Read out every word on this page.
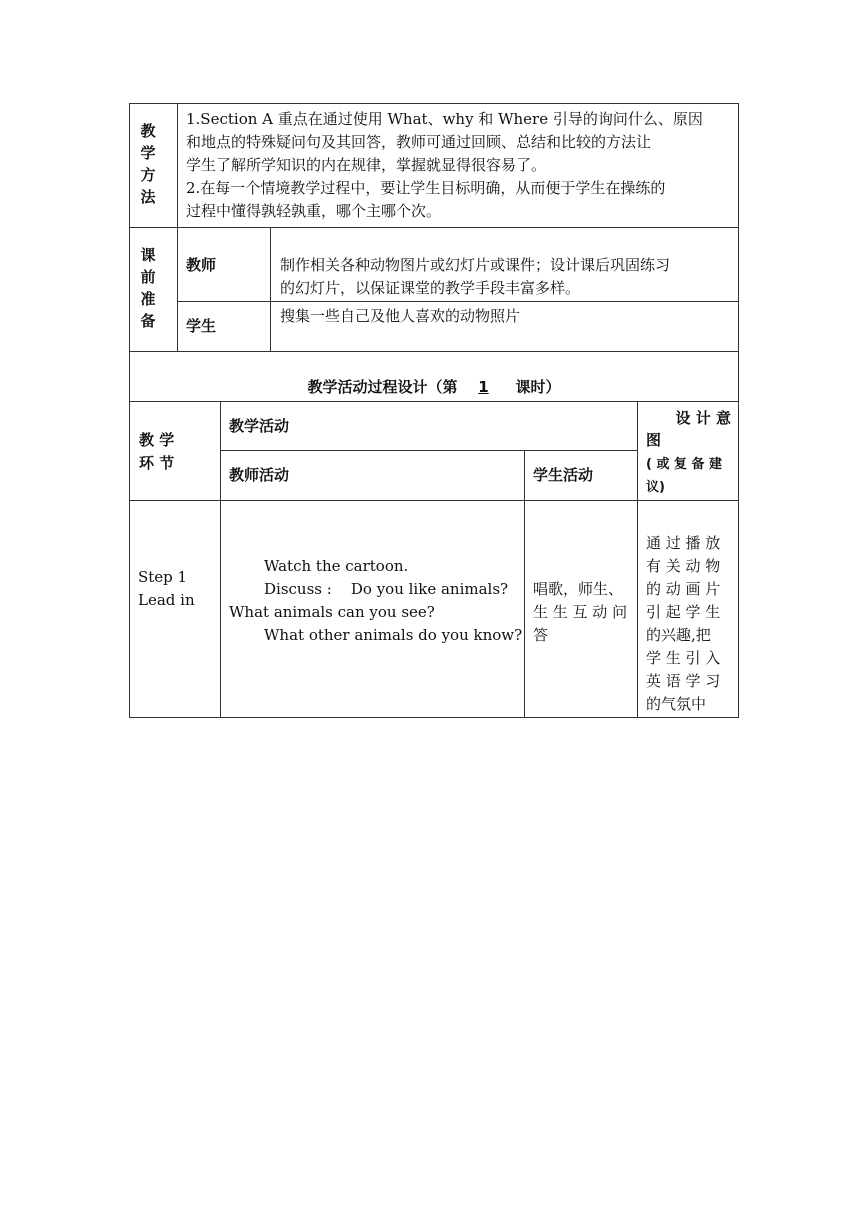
教
学
方
法
1.Section A 重点在通过使用 What、why 和 Where 引导的询问什么、原因
和地点的特殊疑问句及其回答，教师可通过回顾、总结和比较的方法让
学生了解所学知识的内在规律，掌握就显得很容易了。
2.在每一个情境教学过程中，要让学生目标明确，从而便于学生在操练的
过程中懂得孰轻孰重，哪个主哪个次。
课
前
准
备
教师	制作相关各种动物图片或幻灯片或课件；设计课后巩固练习
的幻灯片，以保证课堂的教学手段丰富多样。
学生
搜集一些自己及他人喜欢的动物照片
教学活动过程设计（第 1 课时）
教 学
环 节
教学活动
教师活动	学生活动
设 计 意
图
( 或 复 备 建
议)
Step 1
Lead in
Watch the cartoon.
Discuss :    Do you like animals?
What animals can you see?
What other animals do you know?
唱歌，师生、
生 生 互 动 问
答
通 过 播 放
有 关 动 物
的 动 画 片
引 起 学 生
的兴趣,把
学 生 引 入
英 语 学 习
的气氛中
